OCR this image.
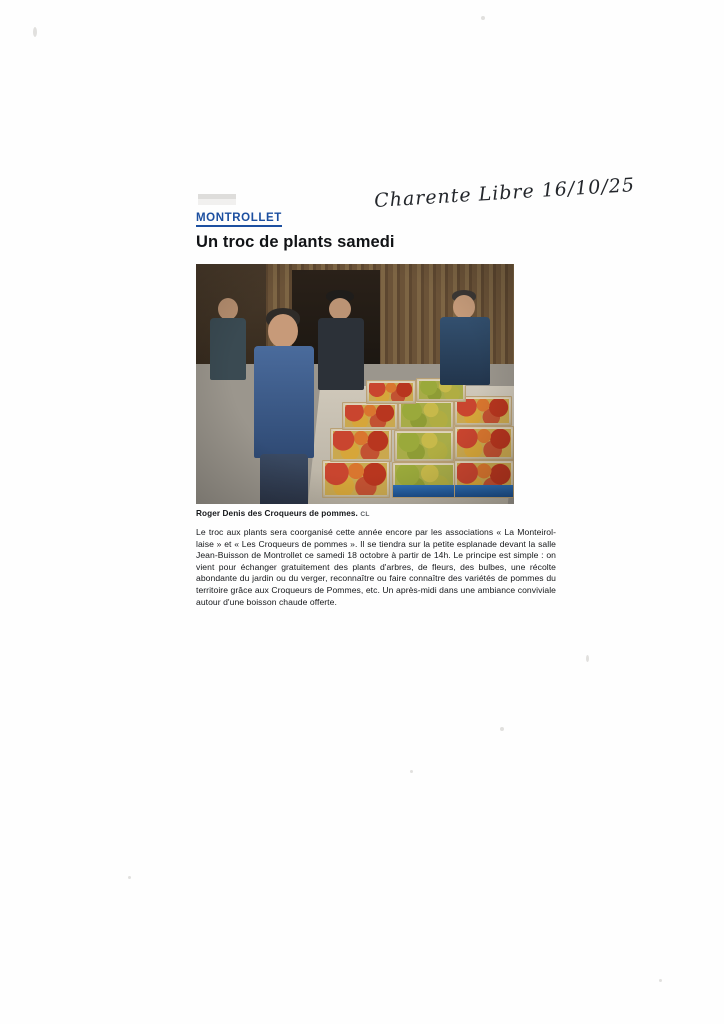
Charente Libre 16/10/25
MONTROLLET
Un troc de plants samedi
Roger Denis des Croqueurs de pommes. CL

Le troc aux plants sera coorganisé cette année encore par les associations « La Monteirol-laise » et « Les Croqueurs de pommes ». Il se tiendra sur la petite esplanade devant la salle Jean-Buisson de Montrollet ce samedi 18 octobre à partir de 14h. Le principe est simple : on vient pour échanger gratuitement des plants d'arbres, de fleurs, des bulbes, une récolte abondante du jardin ou du verger, reconnaître ou faire connaître des variétés de pommes du territoire grâce aux Croqueurs de Pommes, etc. Un après-midi dans une ambiance conviviale autour d'une boisson chaude offerte.
